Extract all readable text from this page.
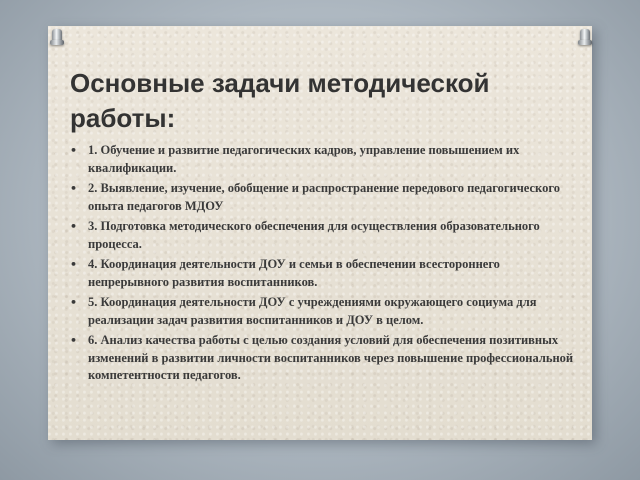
Основные задачи методической работы:
• 1. Обучение и развитие педагогических кадров, управление повышением их квалификации.
• 2. Выявление, изучение, обобщение и распространение передового педагогического опыта педагогов МДОУ
• 3. Подготовка методического обеспечения для осуществления образовательного процесса.
• 4. Координация деятельности ДОУ и семьи в обеспечении всестороннего непрерывного развития воспитанников.
• 5. Координация деятельности ДОУ с учреждениями окружающего социума для реализации задач развития воспитанников и ДОУ в целом.
• 6. Анализ качества работы с целью создания условий для обеспечения позитивных изменений в развитии личности воспитанников через повышение профессиональной компетентности педагогов.
